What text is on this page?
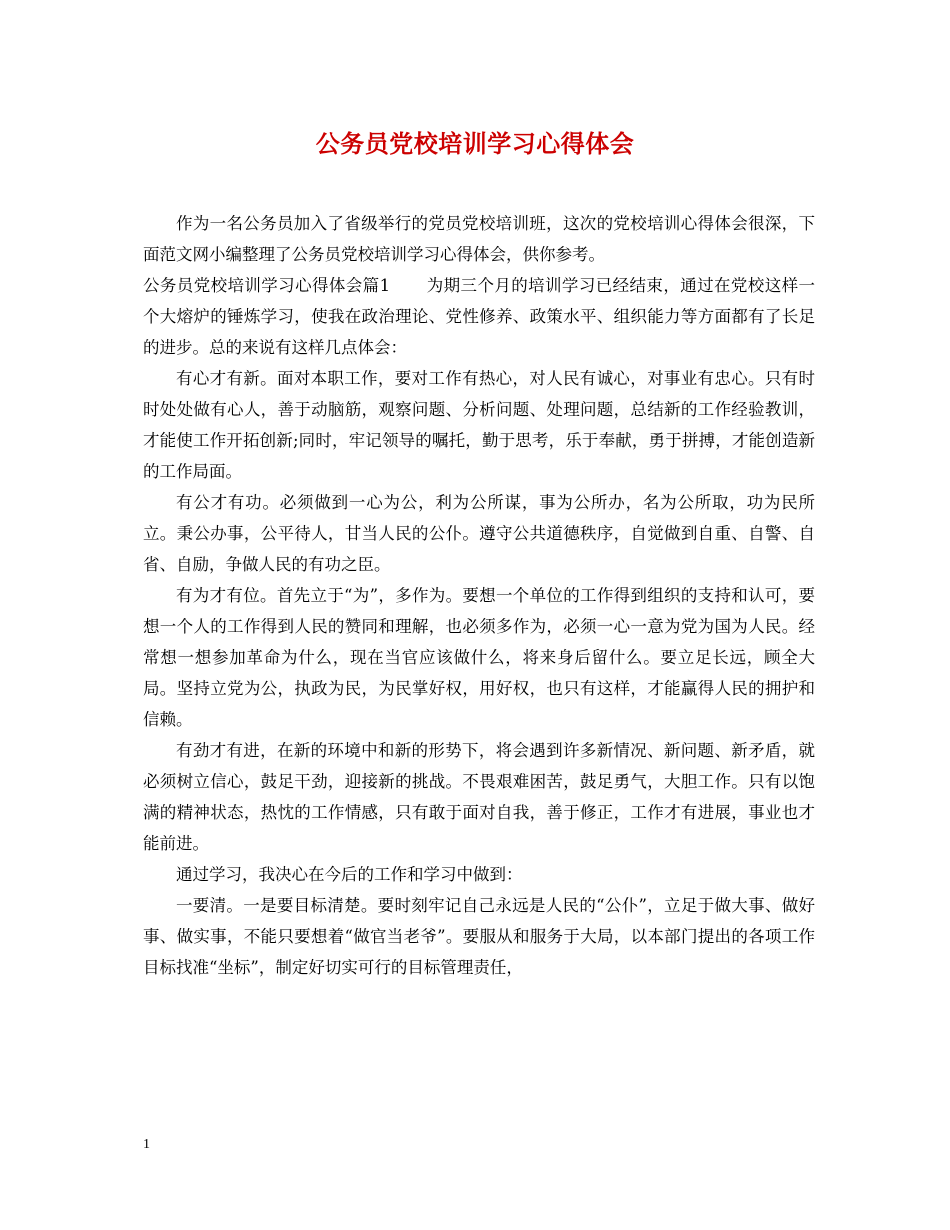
公务员党校培训学习心得体会

作为一名公务员加入了省级举行的党员党校培训班，这次的党校培训心得体会很深，下面范文网小编整理了公务员党校培训学习心得体会，供你参考。

公务员党校培训学习心得体会篇1 为期三个月的培训学习已经结束，通过在党校这样一个大熔炉的锤炼学习，使我在政治理论、党性修养、政策水平、组织能力等方面都有了长足的进步。总的来说有这样几点体会：

有心才有新。面对本职工作，要对工作有热心，对人民有诚心，对事业有忠心。只有时时处处做有心人，善于动脑筋，观察问题、分析问题、处理问题，总结新的工作经验教训，才能使工作开拓创新;同时，牢记领导的嘱托，勤于思考，乐于奉献，勇于拼搏，才能创造新的工作局面。

有公才有功。必须做到一心为公，利为公所谋，事为公所办，名为公所取，功为民所立。秉公办事，公平待人，甘当人民的公仆。遵守公共道德秩序，自觉做到自重、自警、自省、自励，争做人民的有功之臣。

有为才有位。首先立于“为”，多作为。要想一个单位的工作得到组织的支持和认可，要想一个人的工作得到人民的赞同和理解，也必须多作为，必须一心一意为党为国为人民。经常想一想参加革命为什么，现在当官应该做什么，将来身后留什么。要立足长远，顾全大局。坚持立党为公，执政为民，为民掌好权，用好权，也只有这样，才能赢得人民的拥护和信赖。

有劲才有进，在新的环境中和新的形势下，将会遇到许多新情况、新问题、新矛盾，就必须树立信心，鼓足干劲，迎接新的挑战。不畏艰难困苦，鼓足勇气，大胆工作。只有以饱满的精神状态，热忱的工作情感，只有敢于面对自我，善于修正，工作才有进展，事业也才能前进。

通过学习，我决心在今后的工作和学习中做到：

一要清。一是要目标清楚。要时刻牢记自己永远是人民的“公仆”，立足于做大事、做好事、做实事，不能只要想着“做官当老爷”。要服从和服务于大局，以本部门提出的各项工作目标找准“坐标”，制定好切实可行的目标管理责任，

1
